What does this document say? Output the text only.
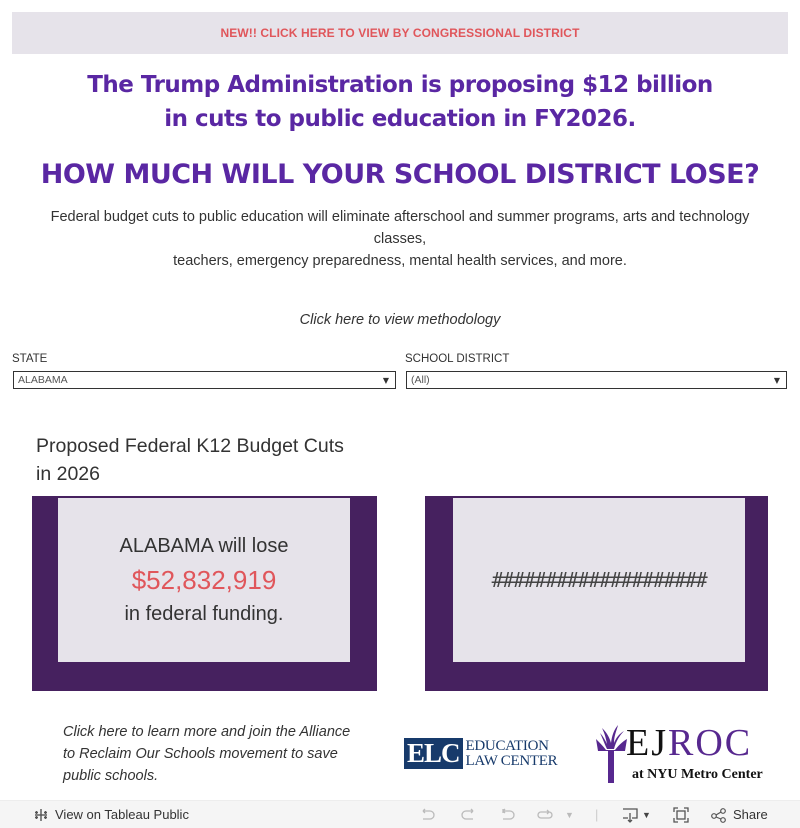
NEW!! CLICK HERE TO VIEW BY CONGRESSIONAL DISTRICT
The Trump Administration is proposing $12 billion
in cuts to public education in FY2026.
HOW MUCH WILL YOUR SCHOOL DISTRICT LOSE?
Federal budget cuts to public education will eliminate afterschool and summer programs, arts and technology classes,
teachers, emergency preparedness, mental health services, and more.
Click here to view methodology
STATE
ALABAMA	▼
SCHOOL DISTRICT
(All)	▼
Proposed Federal K12 Budget Cuts
in 2026
ALABAMA will lose
$52,832,919
in federal funding.
####################
Click here to learn more and join the Alliance
to Reclaim Our Schools movement to save
public schools.
ELC EDUCATION
LAW CENTER EJROC
at NYU Metro Center
View on Tableau Public	▼ |	▼	Share
